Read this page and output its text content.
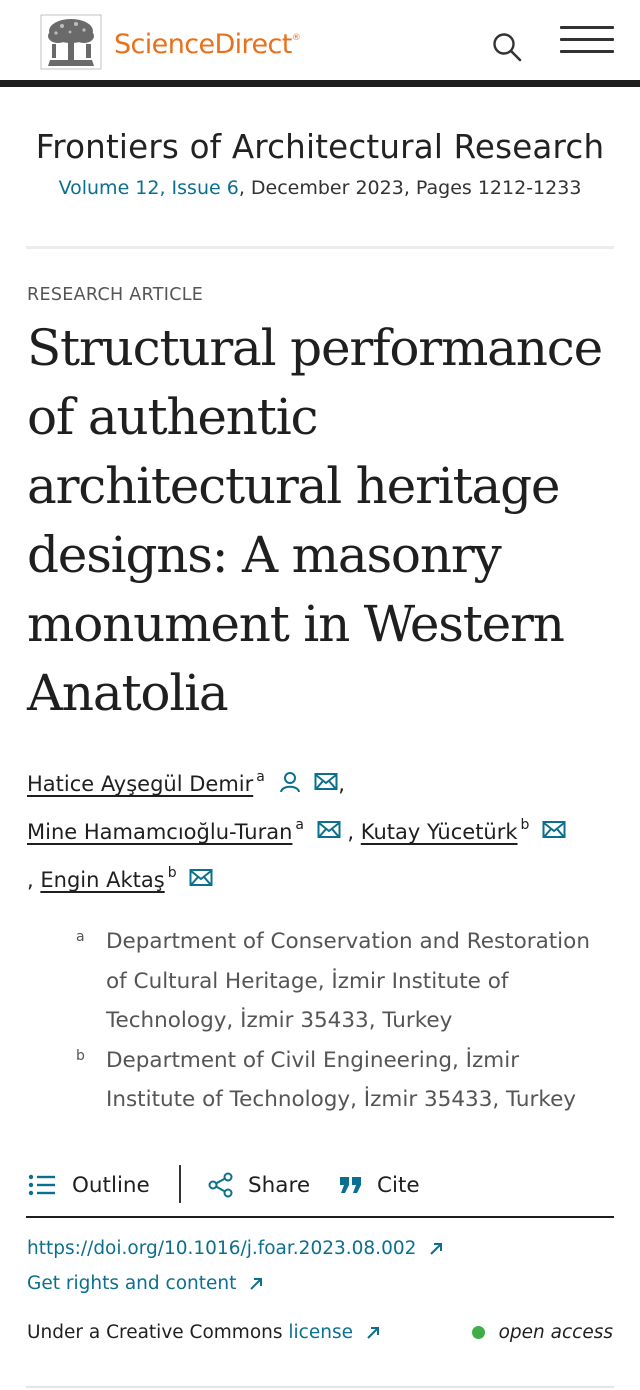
ScienceDirect®
Frontiers of Architectural Research
Volume 12, Issue 6, December 2023, Pages 1212-1233
RESEARCH ARTICLE
Structural performance of authentic architectural heritage designs: A masonry monument in Western Anatolia
Hatice Ayşegül Demir $^a$	,
Mine Hamamcıoğlu-Turan $^a$ , Kutay Yücetürk $^b$
, Engin Aktaş $^b$
a Department of Conservation and Restoration of Cultural Heritage, İzmir Institute of Technology, İzmir 35433, Turkey
b Department of Civil Engineering, İzmir Institute of Technology, İzmir 35433, Turkey
Outline	Share	Cite
https://doi.org/10.1016/j.foar.2023.08.002
Get rights and content
Under a Creative Commons license	open access
